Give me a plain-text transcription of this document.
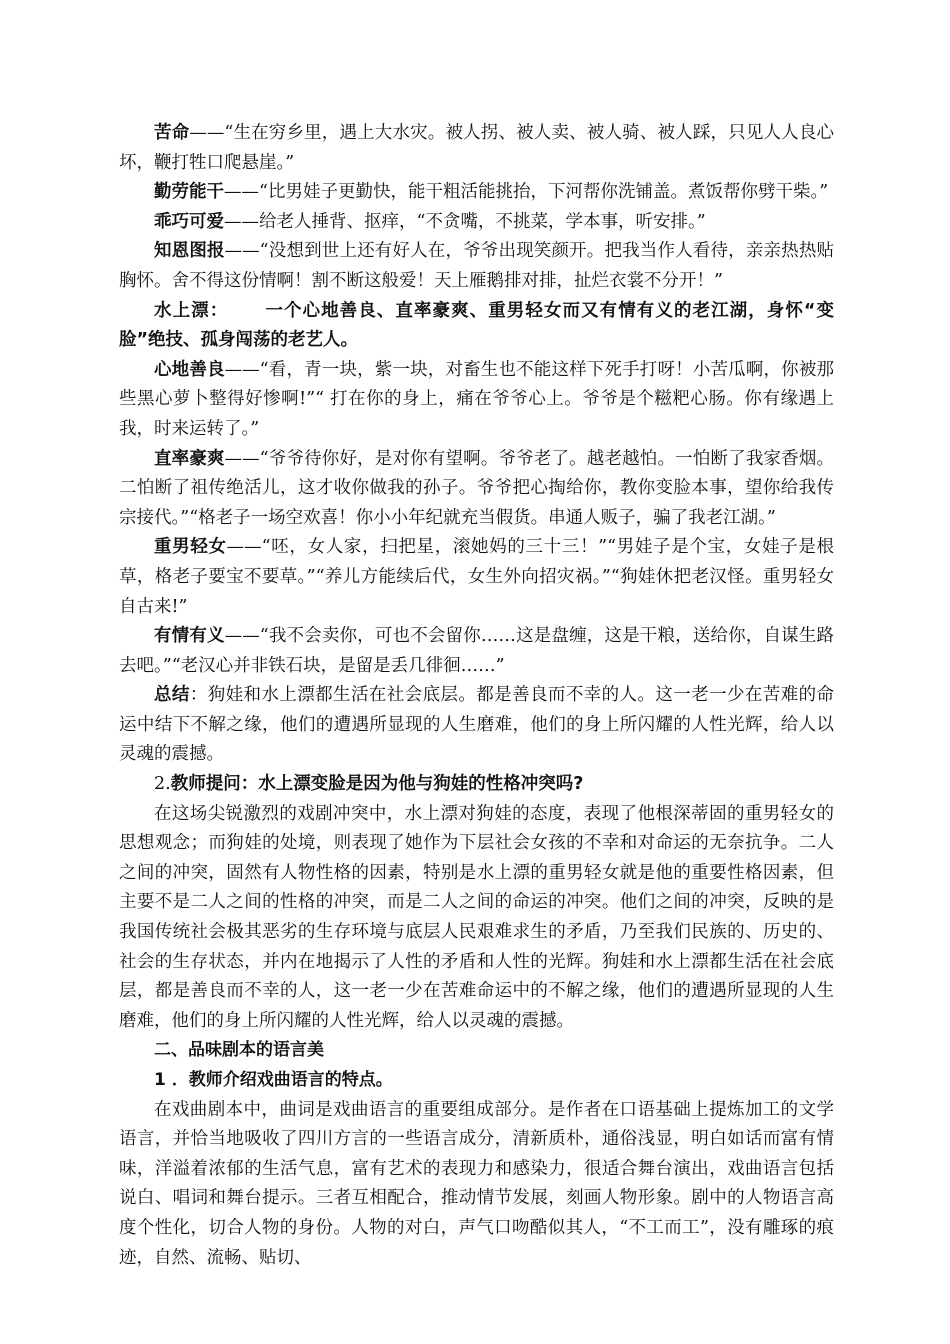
苦命——“生在穷乡里，遇上大水灾。被人拐、被人卖、被人骑、被人踩，只见人人良心坏，鞭打牲口爬悬崖。”

勤劳能干——“比男娃子更勤快，能干粗活能挑抬，下河帮你洗铺盖。煮饭帮你劈干柴。”

乖巧可爱——给老人捶背、抠痒，“不贪嘴，不挑菜，学本事，听安排。”

知恩图报——“没想到世上还有好人在，爷爷出现笑颜开。把我当作人看待，亲亲热热贴胸怀。舍不得这份情啊！割不断这般爱！天上雁鹅排对排，扯烂衣裳不分开！”

水上漂： 一个心地善良、直率豪爽、重男轻女而又有情有义的老江湖，身怀“变脸”绝技、孤身闯荡的老艺人。

心地善良——“看，青一块，紫一块，对畜生也不能这样下死手打呀！小苦瓜啊，你被那些黑心萝卜整得好惨啊!”“ 打在你的身上，痛在爷爷心上。爷爷是个糍粑心肠。你有缘遇上我，时来运转了。”

直率豪爽——“爷爷待你好，是对你有望啊。爷爷老了。越老越怕。一怕断了我家香烟。二怕断了祖传绝活儿，这才收你做我的孙子。爷爷把心掏给你，教你变脸本事，望你给我传宗接代。”“格老子一场空欢喜！你小小年纪就充当假货。串通人贩子，骗了我老江湖。”

重男轻女——“呸，女人家，扫把星，滚她妈的三十三！”“男娃子是个宝，女娃子是根草，格老子要宝不要草。”“养儿方能续后代，女生外向招灾祸。”“狗娃休把老汉怪。重男轻女自古来!”

有情有义——“我不会卖你，可也不会留你……这是盘缠，这是干粮，送给你，自谋生路去吧。”“老汉心并非铁石块，是留是丢几徘徊……”

总结：狗娃和水上漂都生活在社会底层。都是善良而不幸的人。这一老一少在苦难的命运中结下不解之缘，他们的遭遇所显现的人生磨难，他们的身上所闪耀的人性光辉，给人以灵魂的震撼。

2.教师提问：水上漂变脸是因为他与狗娃的性格冲突吗?

在这场尖锐激烈的戏剧冲突中，水上漂对狗娃的态度，表现了他根深蒂固的重男轻女的思想观念；而狗娃的处境，则表现了她作为下层社会女孩的不幸和对命运的无奈抗争。二人之间的冲突，固然有人物性格的因素，特别是水上漂的重男轻女就是他的重要性格因素，但主要不是二人之间的性格的冲突，而是二人之间的命运的冲突。他们之间的冲突，反映的是我国传统社会极其恶劣的生存环境与底层人民艰难求生的矛盾，乃至我们民族的、历史的、社会的生存状态，并内在地揭示了人性的矛盾和人性的光辉。狗娃和水上漂都生活在社会底层，都是善良而不幸的人，这一老一少在苦难命运中的不解之缘，他们的遭遇所显现的人生磨难，他们的身上所闪耀的人性光辉，给人以灵魂的震撼。

二、品味剧本的语言美

1 ．教师介绍戏曲语言的特点。

在戏曲剧本中，曲词是戏曲语言的重要组成部分。是作者在口语基础上提炼加工的文学语言，并恰当地吸收了四川方言的一些语言成分，清新质朴，通俗浅显，明白如话而富有情味，洋溢着浓郁的生活气息，富有艺术的表现力和感染力，很适合舞台演出，戏曲语言包括说白、唱词和舞台提示。三者互相配合，推动情节发展，刻画人物形象。剧中的人物语言高度个性化，切合人物的身份。人物的对白，声气口吻酷似其人，“不工而工”，没有雕琢的痕迹，自然、流畅、贴切、
